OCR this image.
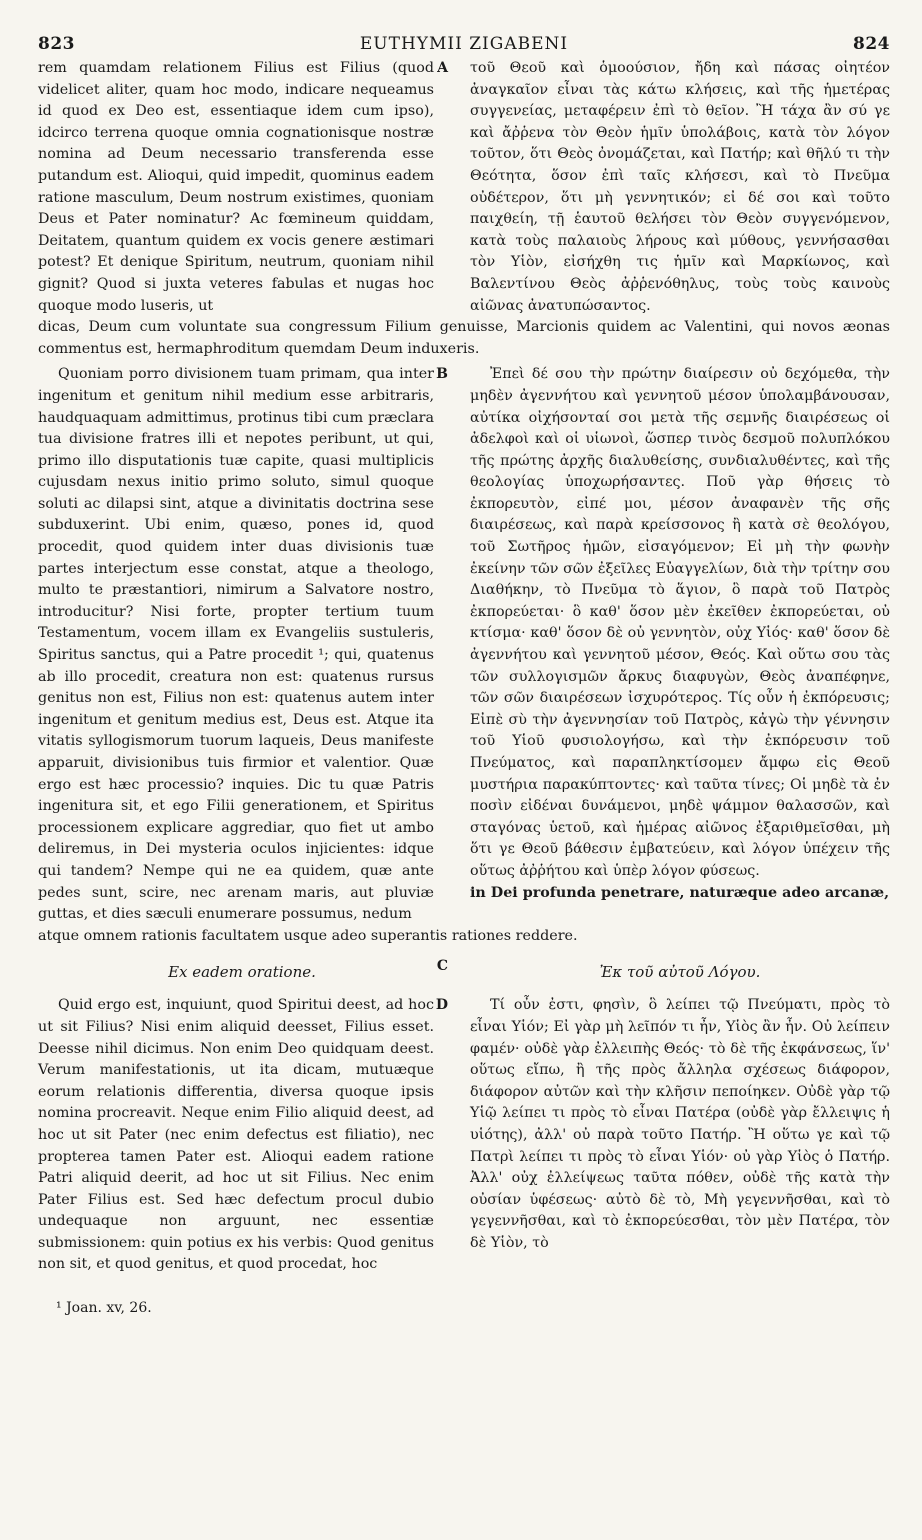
823	EUTHYMII ZIGABENI	824

rem quamdam relationem Filius est Filius (quod videlicet aliter, quam hoc modo, indicare nequeamus id quod ex Deo est, essentiaque idem cum ipso), idcirco terrena quoque omnia cognationisque nostræ nomina ad Deum necessario transferenda esse putandum est. Alioqui, quid impedit, quominus eadem ratione masculum, Deum nostrum existimes, quoniam Deus et Pater nominatur? Ac fœmineum quiddam, Deitatem, quantum quidem ex vocis genere æstimari potest? Et denique Spiritum, neutrum, quoniam nihil gignit? Quod si juxta veteres fabulas et nugas hoc quoque modo luseris, ut

A τοῦ Θεοῦ καὶ ὁμοούσιον, ἤδη καὶ πάσας οἰητέον ἀναγκαῖον εἶναι τὰς κάτω κλήσεις, καὶ τῆς ἡμετέρας συγγενείας, μεταφέρειν ἐπὶ τὸ θεῖον. Ἢ τάχα ἂν σύ γε καὶ ἄῤῥενα τὸν Θεὸν ἡμῖν ὑπολάβοις, κατὰ τὸν λόγον τοῦτον, ὅτι Θεὸς ὀνομάζεται, καὶ Πατήρ; καὶ θῆλύ τι τὴν Θεότητα, ὅσον ἐπὶ ταῖς κλήσεσι, καὶ τὸ Πνεῦμα οὐδέτερον, ὅτι μὴ γεννητικόν; εἰ δέ σοι καὶ τοῦτο παιχθείη, τῇ ἑαυτοῦ θελήσει τὸν Θεὸν συγγενόμενον, κατὰ τοὺς παλαιοὺς λήρους καὶ μύθους, γεννήσασθαι τὸν Υἱὸν, εἰσήχθη τις ἡμῖν καὶ Μαρκίωνος, καὶ Βαλεντίνου Θεὸς ἀῤῥενόθηλυς, τοὺς τοὺς καινοὺς αἰῶνας ἀνατυπώσαντος.

dicas, Deum cum voluntate sua congressum Filium genuisse, Marcionis quidem ac Valentini, qui novos æonas commentus est, hermaphroditum quemdam Deum induxeris.

Quoniam porro divisionem tuam primam, qua inter ingenitum et genitum nihil medium esse arbitraris, haudquaquam admittimus, protinus tibi cum præclara tua divisione fratres illi et nepotes peribunt, ut qui, primo illo disputationis tuæ capite, quasi multiplicis cujusdam nexus initio primo soluto, simul quoque soluti ac dilapsi sint, atque a divinitatis doctrina sese subduxerint. Ubi enim, quæso, pones id, quod procedit, quod quidem inter duas divisionis tuæ partes interjectum esse constat, atque a theologo, multo te præstantiori, nimirum a Salvatore nostro, introducitur? Nisi forte, propter tertium tuum Testamentum, vocem illam ex Evangeliis sustuleris, Spiritus sanctus, qui a Patre procedit ¹; qui, quatenus ab illo procedit, creatura non est: quatenus rursus genitus non est, Filius non est: quatenus autem inter ingenitum et genitum medius est, Deus est. Atque ita vitatis syllogismorum tuorum laqueis, Deus manifeste apparuit, divisionibus tuis firmior et valentior. Quæ ergo est hæc processio? inquies. Dic tu quæ Patris ingenitura sit, et ego Filii generationem, et Spiritus processionem explicare aggrediar, quo fiet ut ambo deliremus, in Dei mysteria oculos injicientes: idque qui tandem? Nempe qui ne ea quidem, quæ ante pedes sunt, scire, nec arenam maris, aut pluviæ guttas, et dies sæculi enumerare possumus, nedum

B
C

Ἐπεὶ δέ σου τὴν πρώτην διαίρεσιν οὐ δεχόμεθα, τὴν μηδὲν ἀγεννήτου καὶ γεννητοῦ μέσον ὑπολαμβάνουσαν, αὐτίκα οἰχήσονταί σοι μετὰ τῆς σεμνῆς διαιρέσεως οἱ ἀδελφοὶ καὶ οἱ υἱωνοὶ, ὥσπερ τινὸς δεσμοῦ πολυπλόκου τῆς πρώτης ἀρχῆς διαλυθείσης, συνδιαλυθέντες, καὶ τῆς θεολογίας ὑποχωρήσαντες. Ποῦ γὰρ θήσεις τὸ ἐκπορευτὸν, εἰπέ μοι, μέσον ἀναφανὲν τῆς σῆς διαιρέσεως, καὶ παρὰ κρείσσονος ἢ κατὰ σὲ θεολόγου, τοῦ Σωτῆρος ἡμῶν, εἰσαγόμενον; Εἰ μὴ τὴν φωνὴν ἐκείνην τῶν σῶν ἐξεῖλες Εὐαγγελίων, διὰ τὴν τρίτην σου Διαθήκην, τὸ Πνεῦμα τὸ ἅγιον, ὃ παρὰ τοῦ Πατρὸς ἐκπορεύεται· ὃ καθ' ὅσον μὲν ἐκεῖθεν ἐκπορεύεται, οὐ κτίσμα· καθ' ὅσον δὲ οὐ γεννητὸν, οὐχ Υἱός· καθ' ὅσον δὲ ἀγεννήτου καὶ γεννητοῦ μέσον, Θεός. Καὶ οὕτω σου τὰς τῶν συλλογισμῶν ἄρκυς διαφυγὼν, Θεὸς ἀναπέφηνε, τῶν σῶν διαιρέσεων ἰσχυρότερος. Τίς οὖν ἡ ἐκπόρευσις; Εἰπὲ σὺ τὴν ἀγεννησίαν τοῦ Πατρὸς, κἀγὼ τὴν γέννησιν τοῦ Υἱοῦ φυσιολογήσω, καὶ τὴν ἐκπόρευσιν τοῦ Πνεύματος, καὶ παραπληκτίσομεν ἄμφω εἰς Θεοῦ μυστήρια παρακύπτοντες· καὶ ταῦτα τίνες; Οἱ μηδὲ τὰ ἐν ποσὶν εἰδέναι δυνάμενοι, μηδὲ ψάμμον θαλασσῶν, καὶ σταγόνας ὑετοῦ, καὶ ἡμέρας αἰῶνος ἐξαριθμεῖσθαι, μὴ ὅτι γε Θεοῦ βάθεσιν ἐμβατεύειν, καὶ λόγον ὑπέχειν τῆς οὕτως ἀῤῥήτου καὶ ὑπὲρ λόγον φύσεως.

in Dei profunda penetrare, naturæque adeo arcanæ,

atque omnem rationis facultatem usque adeo superantis rationes reddere.

Ex eadem oratione.	Ἐκ τοῦ αὐτοῦ Λόγου.

Quid ergo est, inquiunt, quod Spiritui deest, ad hoc ut sit Filius? Nisi enim aliquid deesset, Filius esset. Deesse nihil dicimus. Non enim Deo quidquam deest. Verum manifestationis, ut ita dicam, mutuæque eorum relationis differentia, diversa quoque ipsis nomina procreavit. Neque enim Filio aliquid deest, ad hoc ut sit Pater (nec enim defectus est filiatio), nec propterea tamen Pater est. Alioqui eadem ratione Patri aliquid deerit, ad hoc ut sit Filius. Nec enim Pater Filius est. Sed hæc defectum procul dubio undequaque non arguunt, nec essentiæ submissionem: quin potius ex his verbis: Quod genitus non sit, et quod genitus, et quod procedat, hoc

D	Τί οὖν ἐστι, φησὶν, ὃ λείπει τῷ Πνεύματι, πρὸς τὸ εἶναι Υἱόν; Εἰ γὰρ μὴ λεῖπόν τι ἦν, Υἱὸς ἂν ἦν. Οὐ λείπειν φαμέν· οὐδὲ γὰρ ἐλλειπὴς Θεός· τὸ δὲ τῆς ἐκφάνσεως, ἵν' οὕτως εἴπω, ἢ τῆς πρὸς ἄλληλα σχέσεως διάφορον, διάφορον αὐτῶν καὶ τὴν κλῆσιν πεποίηκεν. Οὐδὲ γὰρ τῷ Υἱῷ λείπει τι πρὸς τὸ εἶναι Πατέρα (οὐδὲ γὰρ ἔλλειψις ἡ υἱότης), ἀλλ' οὐ παρὰ τοῦτο Πατήρ. Ἢ οὕτω γε καὶ τῷ Πατρὶ λείπει τι πρὸς τὸ εἶναι Υἱόν· οὐ γὰρ Υἱὸς ὁ Πατήρ. Ἀλλ' οὐχ ἐλλείψεως ταῦτα πόθεν, οὐδὲ τῆς κατὰ τὴν οὐσίαν ὑφέσεως· αὐτὸ δὲ τὸ, Μὴ γεγεννῆσθαι, καὶ τὸ γεγεννῆσθαι, καὶ τὸ ἐκπορεύεσθαι, τὸν μὲν Πατέρα, τὸν δὲ Υἱὸν, τὸ

¹ Joan. xv, 26.
